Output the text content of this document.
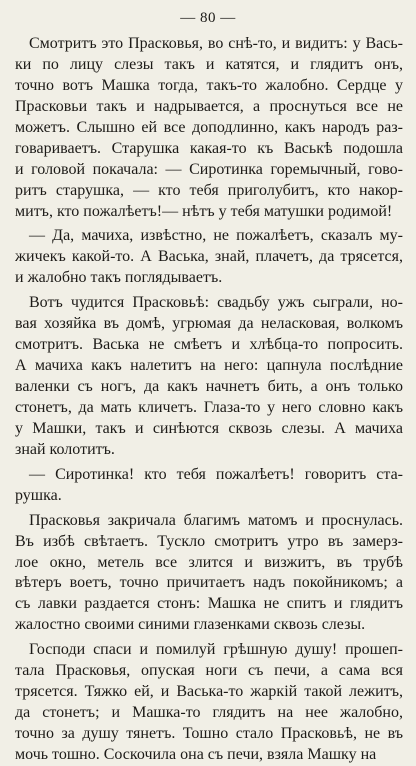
— 80 —
Смотритъ это Прасковья, во снѣ-то, и видитъ: у Вась-
ки по лицу слезы такъ и катятся, и глядитъ онъ,
точно вотъ Машка тогда, такъ-то жалобно. Сердце у
Прасковьи такъ и надрывается, а проснуться все не
можетъ. Слышно ей все доподлинно, какъ народъ раз-
говариваетъ. Старушка какая-то къ Васькѣ подошла
и головой покачала: — Сиротинка горемычный, гово-
ритъ старушка, — кто тебя приголубитъ, кто накор-
митъ, кто пожалѣетъ!— нѣтъ у тебя матушки родимой!
— Да, мачиха, извѣстно, не пожалѣетъ, сказалъ му-
жичекъ какой-то. А Васька, знай, плачетъ, да трясется,
и жалобно такъ поглядываетъ.
Вотъ чудится Прасковьѣ: свадьбу ужъ сыграли, но-
вая хозяйка въ домѣ, угрюмая да неласковая, волкомъ
смотритъ. Васька не смѣетъ и хлѣбца-то попросить.
А мачиха какъ налетитъ на него: цапнула послѣдние
валенки съ ногъ, да какъ начнетъ бить, а онъ только
стонетъ, да мать кличетъ. Глаза-то у него словно какъ
у Машки, такъ и синѣются сквозь слезы. А мачиха
знай колотитъ.
— Сиротинка! кто тебя пожалѣетъ! говоритъ ста-
рушка.
Прасковья закричала благимъ матомъ и проснулась.
Въ избѣ свѣтаетъ. Тускло смотритъ утро въ замерз-
лое окно, метель все злится и визжитъ, въ трубѣ
вѣтеръ воетъ, точно причитаетъ надъ покойникомъ; а
съ лавки раздается стонъ: Машка не спитъ и глядитъ
жалостно своими синими глазенками сквозь слезы.
Господи спаси и помилуй грѣшную душу! прошеп-
тала Прасковья, опуская ноги съ печи, а сама вся
трясется. Тяжко ей, и Васька-то жаркій такой лежитъ,
да стонетъ; и Машка-то глядитъ на нее жалобно,
точно за душу тянетъ. Тошно стало Прасковьѣ, не въ
мочь тошно. Соскочила она съ печи, взяла Машку на
